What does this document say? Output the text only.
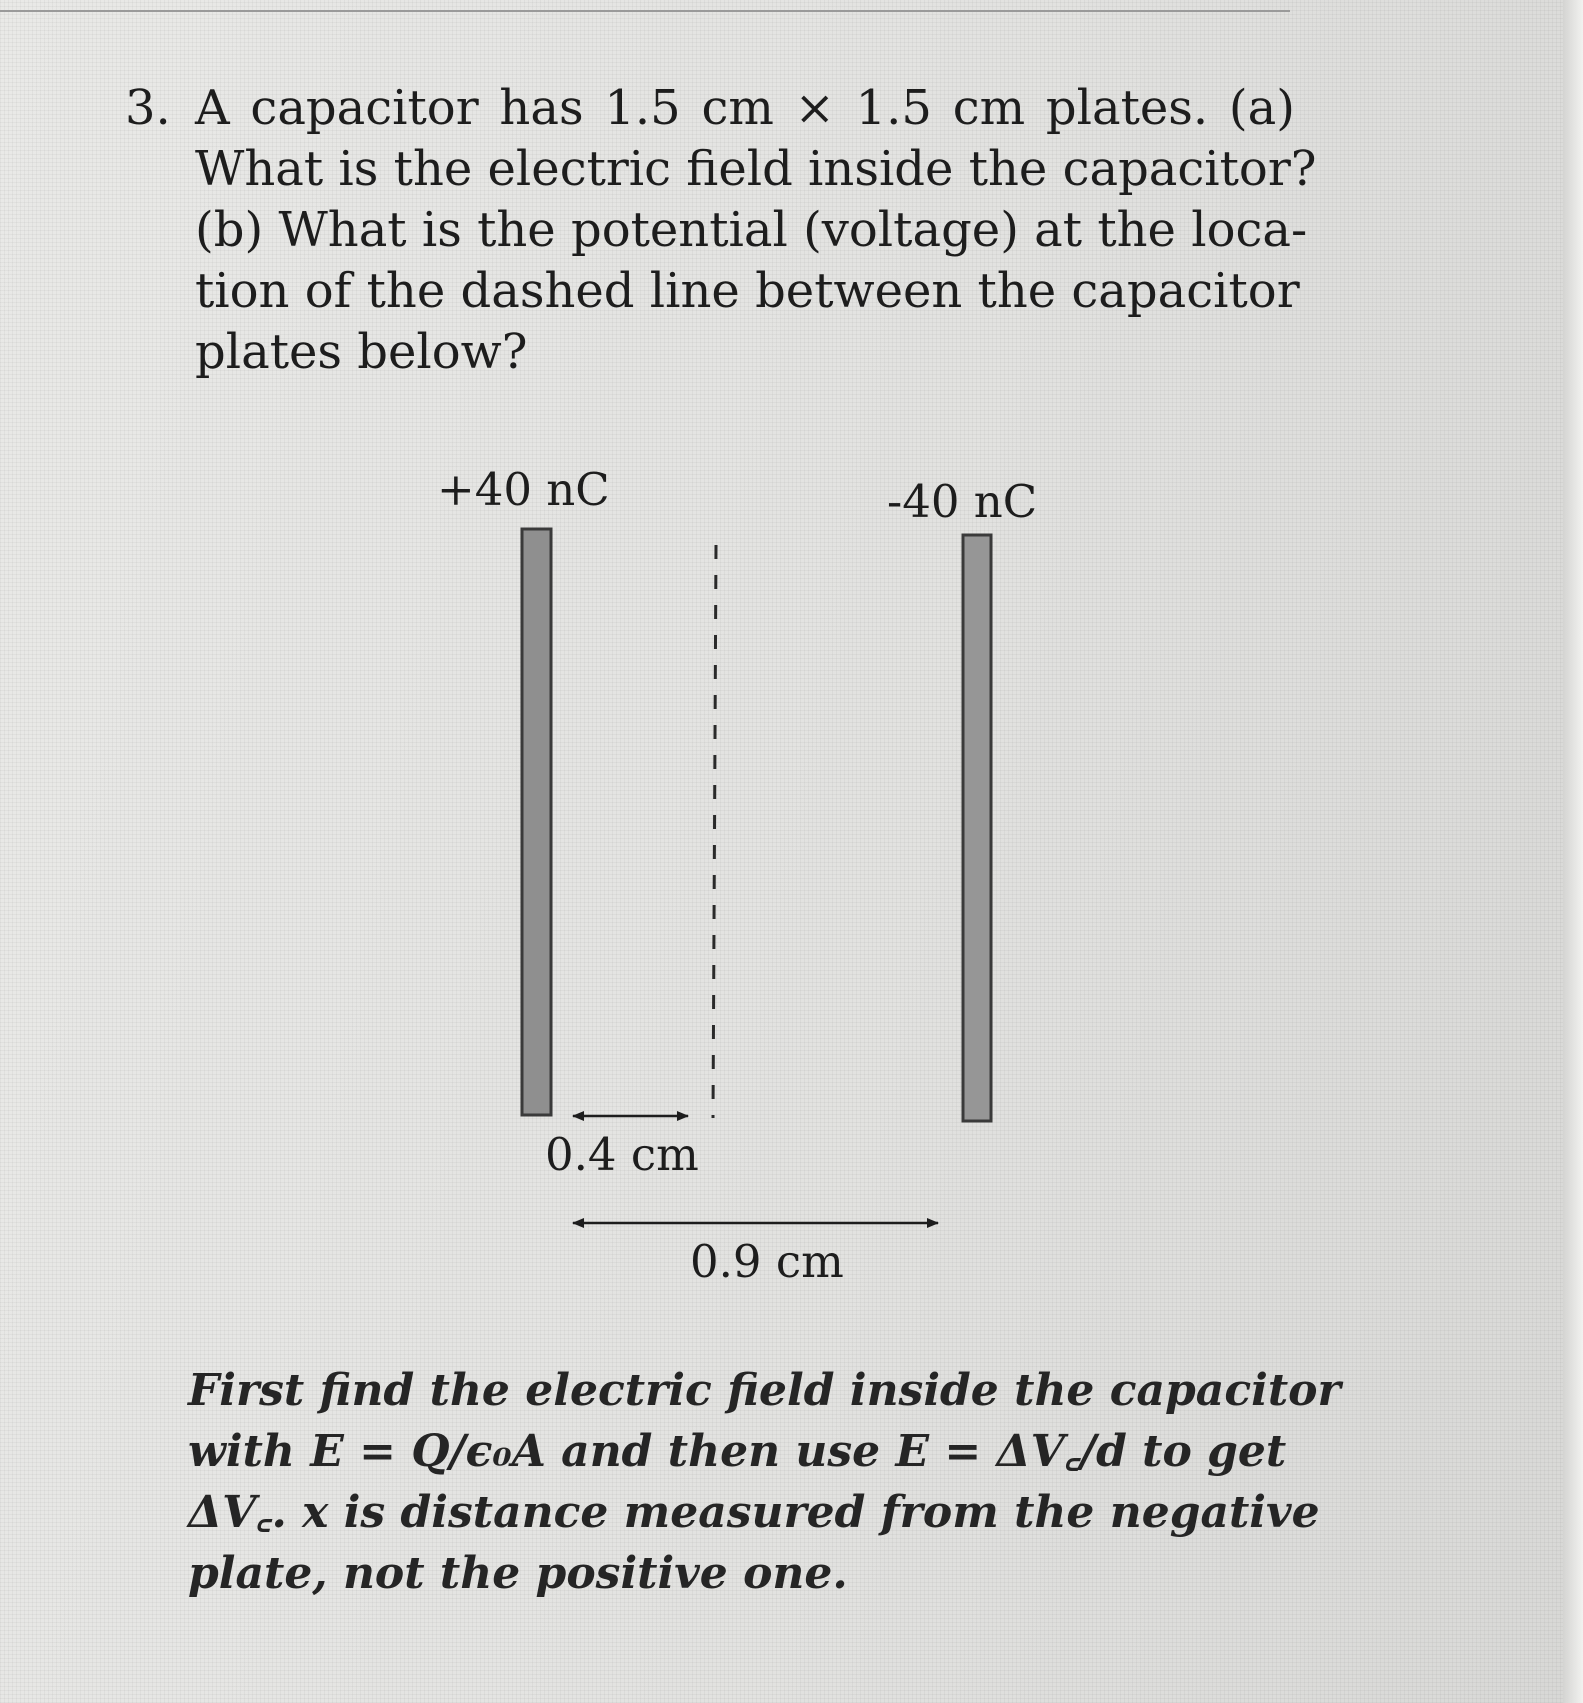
3. A capacitor has 1.5 cm × 1.5 cm plates. (a)
What is the electric field inside the capacitor?
(b) What is the potential (voltage) at the loca-
tion of the dashed line between the capacitor
plates below?

+40 nC	-40 nC
0.4 cm
0.9 cm
First find the electric field inside the capacitor
with E = Q/ϵ₀A and then use E = ΔV꜀/d to get
ΔV꜀. x is distance measured from the negative
plate, not the positive one.
